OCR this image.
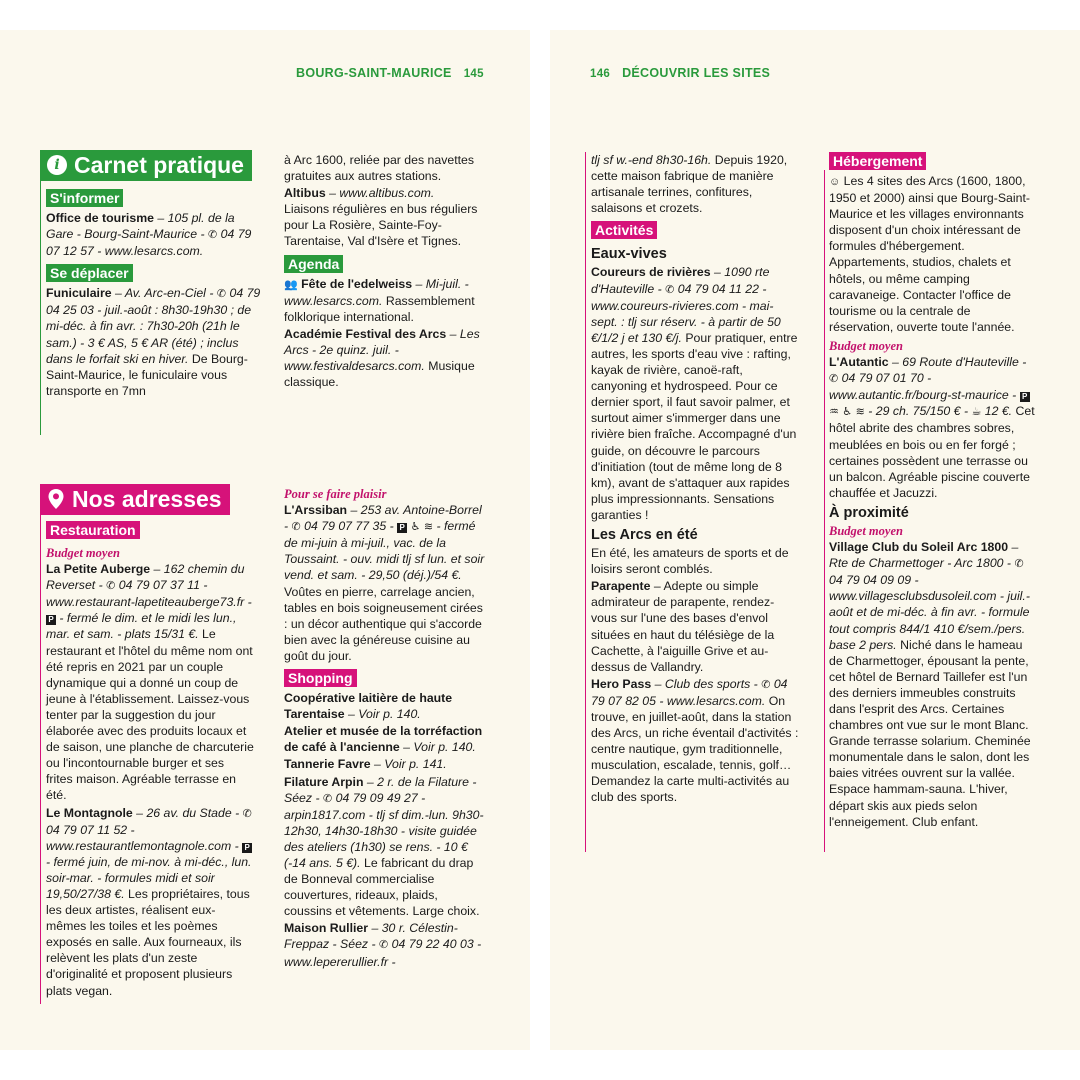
BOURG-SAINT-MAURICE 145	146 DÉCOUVRIR LES SITES
i Carnet pratique
S'informer

Office de tourisme – 105 pl. de la Gare - Bourg-Saint-Maurice - ✆ 04 79 07 12 57 - www.lesarcs.com.

Se déplacer

Funiculaire – Av. Arc-en-Ciel - ✆ 04 79 04 25 03 - juil.-août : 8h30-19h30 ; de mi-déc. à fin avr. : 7h30-20h (21h le sam.) - 3 € AS, 5 € AR (été) ; inclus dans le forfait ski en hiver. De Bourg-Saint-Maurice, le funiculaire vous transporte en 7mn

à Arc 1600, reliée par des navettes gratuites aux autres stations.

Altibus – www.altibus.com.
Liaisons régulières en bus réguliers pour La Rosière, Sainte-Foy-Tarentaise, Val d'Isère et Tignes.

Agenda

👥 Fête de l'edelweiss – Mi-juil. - www.lesarcs.com. Rassemblement folklorique international.

Académie Festival des Arcs – Les Arcs - 2e quinz. juil. - www.festivaldesarcs.com. Musique classique.

Nos adresses
Restauration
Budget moyen

La Petite Auberge – 162 chemin du Reverset - ✆ 04 79 07 37 11 - www.restaurant-lapetiteauberge73.fr - P - fermé le dim. et le midi les lun., mar. et sam. - plats 15/31 €. Le restaurant et l'hôtel du même nom ont été repris en 2021 par un couple dynamique qui a donné un coup de jeune à l'établissement. Laissez-vous tenter par la suggestion du jour élaborée avec des produits locaux et de saison, une planche de charcuterie ou l'incontournable burger et ses frites maison. Agréable terrasse en été.

Le Montagnole – 26 av. du Stade - ✆ 04 79 07 11 52 - www.restaurantlemontagnole.com - P - fermé juin, de mi-nov. à mi-déc., lun. soir-mar. - formules midi et soir 19,50/27/38 €. Les propriétaires, tous les deux artistes, réalisent eux-mêmes les toiles et les poèmes exposés en salle. Aux fourneaux, ils relèvent les plats d'un zeste d'originalité et proposent plusieurs plats vegan.

Pour se faire plaisir

L'Arssiban – 253 av. Antoine-Borrel - ✆ 04 79 07 77 35 - P ♿ ≋ - fermé de mi-juin à mi-juil., vac. de la Toussaint. - ouv. midi tlj sf lun. et soir vend. et sam. - 29,50 (déj.)/54 €. Voûtes en pierre, carrelage ancien, tables en bois soigneusement cirées : un décor authentique qui s'accorde bien avec la généreuse cuisine au goût du jour.

Shopping

Coopérative laitière de haute Tarentaise – Voir p. 140.

Atelier et musée de la torréfaction de café à l'ancienne – Voir p. 140.

Tannerie Favre – Voir p. 141.

Filature Arpin – 2 r. de la Filature - Séez - ✆ 04 79 09 49 27 - arpin1817.com - tlj sf dim.-lun. 9h30-12h30, 14h30-18h30 - visite guidée des ateliers (1h30) se rens. - 10 € (-14 ans. 5 €). Le fabricant du drap de Bonneval commercialise couvertures, rideaux, plaids, coussins et vêtements. Large choix.

Maison Rullier – 30 r. Célestin-Freppaz - Séez - ✆ 04 79 22 40 03 - www.lepererullier.fr -

tlj sf w.-end 8h30-16h. Depuis 1920, cette maison fabrique de manière artisanale terrines, confitures, salaisons et crozets.

Activités
Eaux-vives

Coureurs de rivières – 1090 rte d'Hauteville - ✆ 04 79 04 11 22 - www.coureurs-rivieres.com - mai-sept. : tlj sur réserv. - à partir de 50 €/1/2 j et 130 €/j. Pour pratiquer, entre autres, les sports d'eau vive : rafting, kayak de rivière, canoë-raft, canyoning et hydrospeed. Pour ce dernier sport, il faut savoir palmer, et surtout aimer s'immerger dans une rivière bien fraîche. Accompagné d'un guide, on découvre le parcours d'initiation (tout de même long de 8 km), avant de s'attaquer aux rapides plus impressionnants. Sensations garanties !

Les Arcs en été

En été, les amateurs de sports et de loisirs seront comblés.

Parapente – Adepte ou simple admirateur de parapente, rendez-vous sur l'une des bases d'envol situées en haut du télésiège de la Cachette, à l'aiguille Grive et au-dessus de Vallandry.

Hero Pass – Club des sports - ✆ 04 79 07 82 05 - www.lesarcs.com. On trouve, en juillet-août, dans la station des Arcs, un riche éventail d'activités : centre nautique, gym traditionnelle, musculation, escalade, tennis, golf… Demandez la carte multi-activités au club des sports.

Hébergement

☺ Les 4 sites des Arcs (1600, 1800, 1950 et 2000) ainsi que Bourg-Saint-Maurice et les villages environnants disposent d'un choix intéressant de formules d'hébergement. Appartements, studios, chalets et hôtels, ou même camping caravaneige. Contacter l'office de tourisme ou la centrale de réservation, ouverte toute l'année.

Budget moyen

L'Autantic – 69 Route d'Hauteville - ✆ 04 79 07 01 70 - www.autantic.fr/bourg-st-maurice - P ♒ ♿ ≋ - 29 ch. 75/150 € - ☕ 12 €. Cet hôtel abrite des chambres sobres, meublées en bois ou en fer forgé ; certaines possèdent une terrasse ou un balcon. Agréable piscine couverte chauffée et Jacuzzi.

À proximité
Budget moyen

Village Club du Soleil Arc 1800 – Rte de Charmettoger - Arc 1800 - ✆ 04 79 04 09 09 - www.villagesclubsdusoleil.com - juil.-août et de mi-déc. à fin avr. - formule tout compris 844/1 410 €/sem./pers. base 2 pers. Niché dans le hameau de Charmettoger, épousant la pente, cet hôtel de Bernard Taillefer est l'un des derniers immeubles construits dans l'esprit des Arcs. Certaines chambres ont vue sur le mont Blanc. Grande terrasse solarium. Cheminée monumentale dans le salon, dont les baies vitrées ouvrent sur la vallée. Espace hammam-sauna. L'hiver, départ skis aux pieds selon l'enneigement. Club enfant.
